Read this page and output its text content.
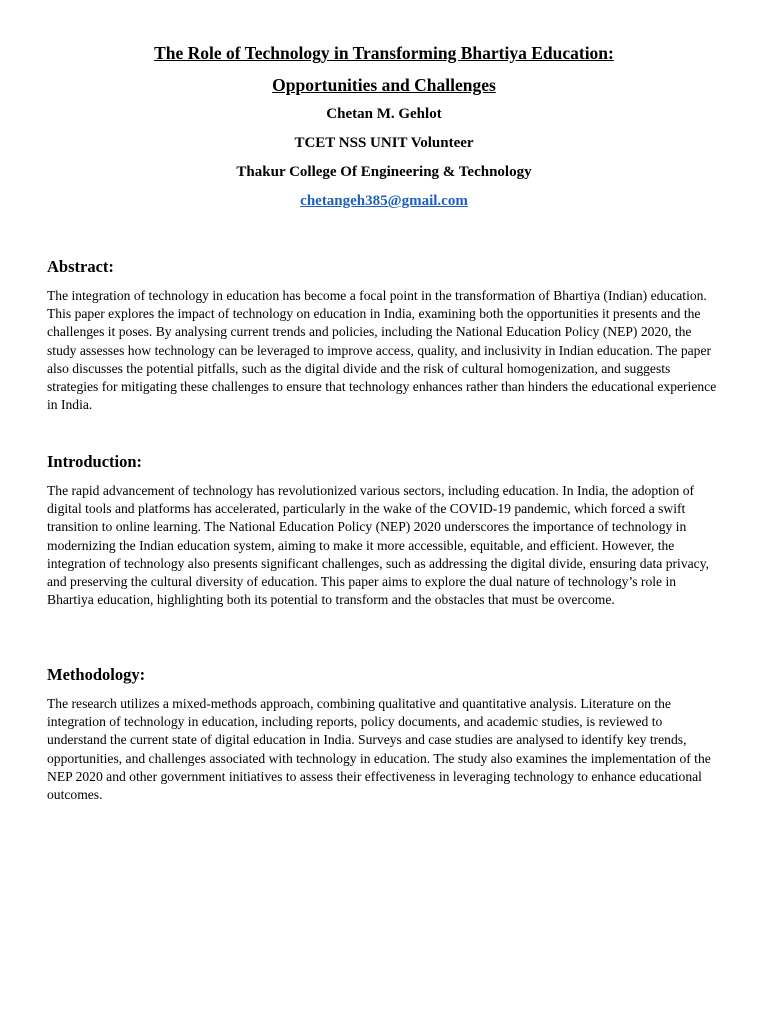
The Role of Technology in Transforming Bhartiya Education:

Opportunities and Challenges

Chetan M. Gehlot

TCET NSS UNIT Volunteer

Thakur College Of Engineering & Technology

chetangeh385@gmail.com
Abstract:

The integration of technology in education has become a focal point in the transformation of Bhartiya (Indian) education. This paper explores the impact of technology on education in India, examining both the opportunities it presents and the challenges it poses. By analysing current trends and policies, including the National Education Policy (NEP) 2020, the study assesses how technology can be leveraged to improve access, quality, and inclusivity in Indian education. The paper also discusses the potential pitfalls, such as the digital divide and the risk of cultural homogenization, and suggests strategies for mitigating these challenges to ensure that technology enhances rather than hinders the educational experience in India.

Introduction:

The rapid advancement of technology has revolutionized various sectors, including education. In India, the adoption of digital tools and platforms has accelerated, particularly in the wake of the COVID-19 pandemic, which forced a swift transition to online learning. The National Education Policy (NEP) 2020 underscores the importance of technology in modernizing the Indian education system, aiming to make it more accessible, equitable, and efficient. However, the integration of technology also presents significant challenges, such as addressing the digital divide, ensuring data privacy, and preserving the cultural diversity of education. This paper aims to explore the dual nature of technology’s role in Bhartiya education, highlighting both its potential to transform and the obstacles that must be overcome.

Methodology:

The research utilizes a mixed-methods approach, combining qualitative and quantitative analysis. Literature on the integration of technology in education, including reports, policy documents, and academic studies, is reviewed to understand the current state of digital education in India. Surveys and case studies are analysed to identify key trends, opportunities, and challenges associated with technology in education. The study also examines the implementation of the NEP 2020 and other government initiatives to assess their effectiveness in leveraging technology to enhance educational outcomes.
